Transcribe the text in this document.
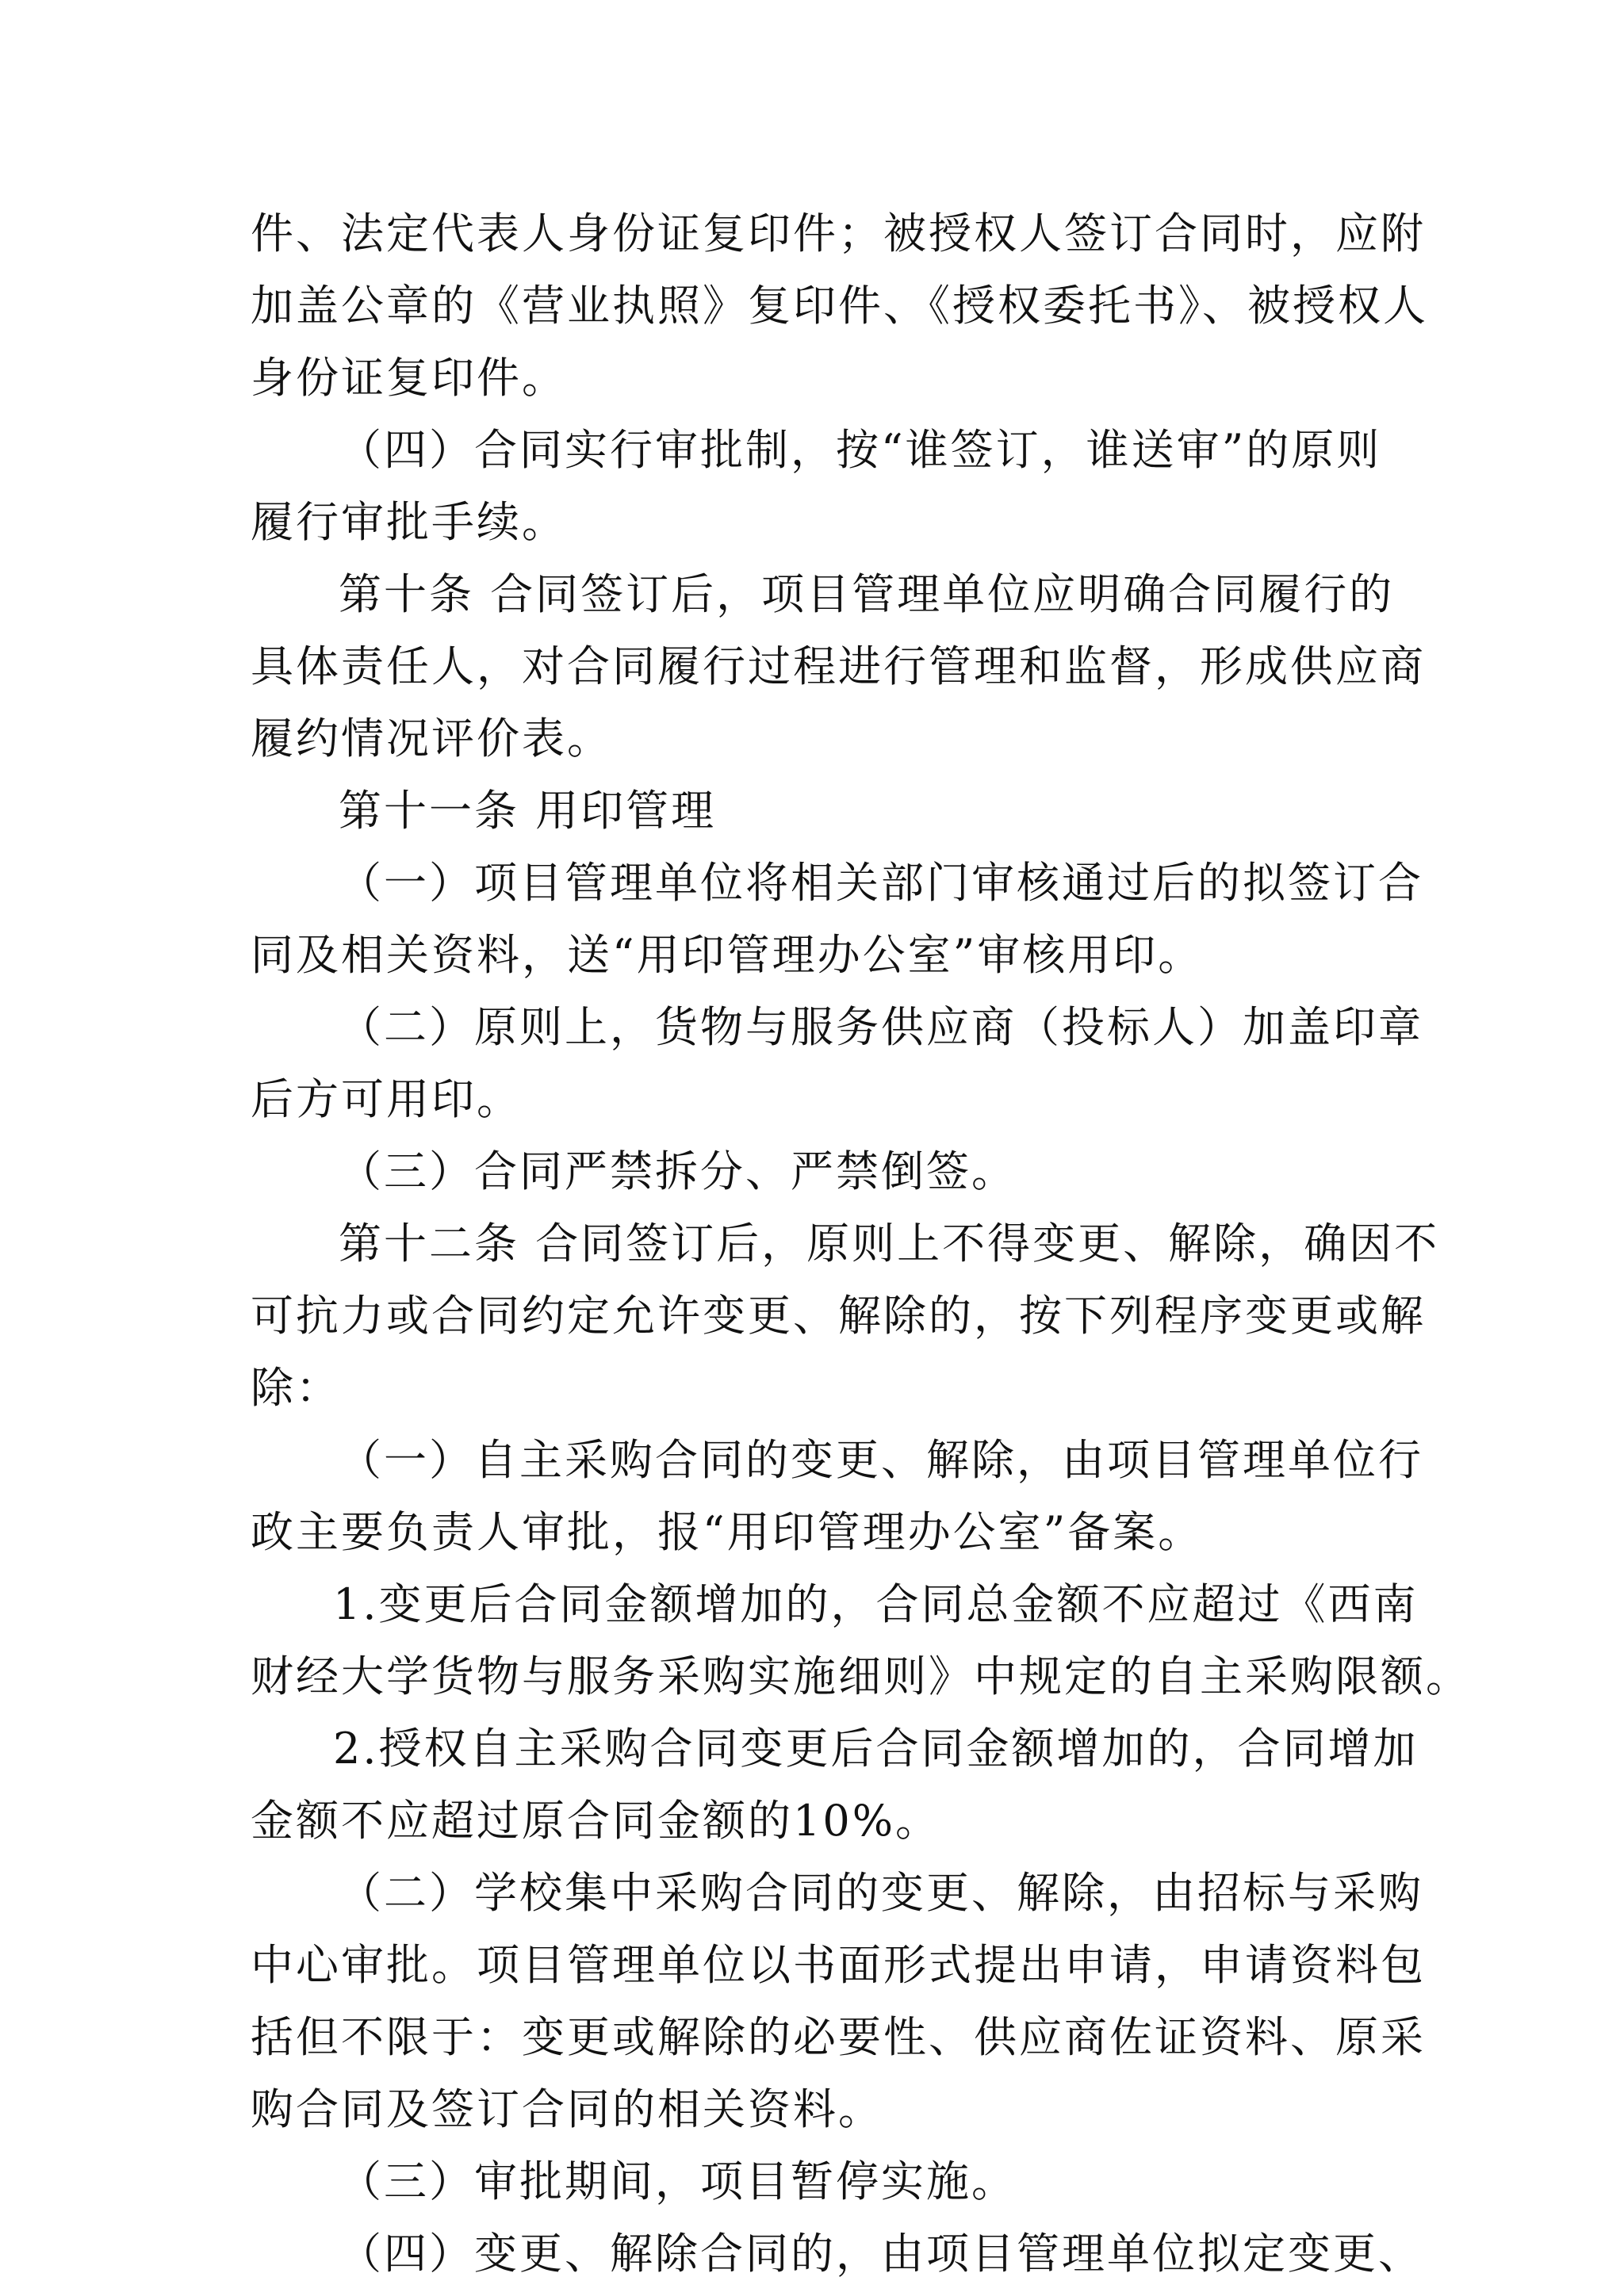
件、法定代表人身份证复印件；被授权人签订合同时，应附
加盖公章的《营业执照》复印件、《授权委托书》、被授权人
身份证复印件。
（四）合同实行审批制，按“谁签订，谁送审”的原则
履行审批手续。
第十条 合同签订后，项目管理单位应明确合同履行的
具体责任人，对合同履行过程进行管理和监督，形成供应商
履约情况评价表。
第十一条 用印管理
（一）项目管理单位将相关部门审核通过后的拟签订合
同及相关资料，送“用印管理办公室”审核用印。
（二）原则上，货物与服务供应商（投标人）加盖印章
后方可用印。
（三）合同严禁拆分、严禁倒签。
第十二条 合同签订后，原则上不得变更、解除，确因不
可抗力或合同约定允许变更、解除的，按下列程序变更或解
除：
（一）自主采购合同的变更、解除，由项目管理单位行
政主要负责人审批，报“用印管理办公室”备案。
1.变更后合同金额增加的，合同总金额不应超过《西南
财经大学货物与服务采购实施细则》中规定的自主采购限额。
2.授权自主采购合同变更后合同金额增加的，合同增加
金额不应超过原合同金额的10%。
（二）学校集中采购合同的变更、解除，由招标与采购
中心审批。项目管理单位以书面形式提出申请，申请资料包
括但不限于：变更或解除的必要性、供应商佐证资料、原采
购合同及签订合同的相关资料。
（三）审批期间，项目暂停实施。
（四）变更、解除合同的，由项目管理单位拟定变更、
